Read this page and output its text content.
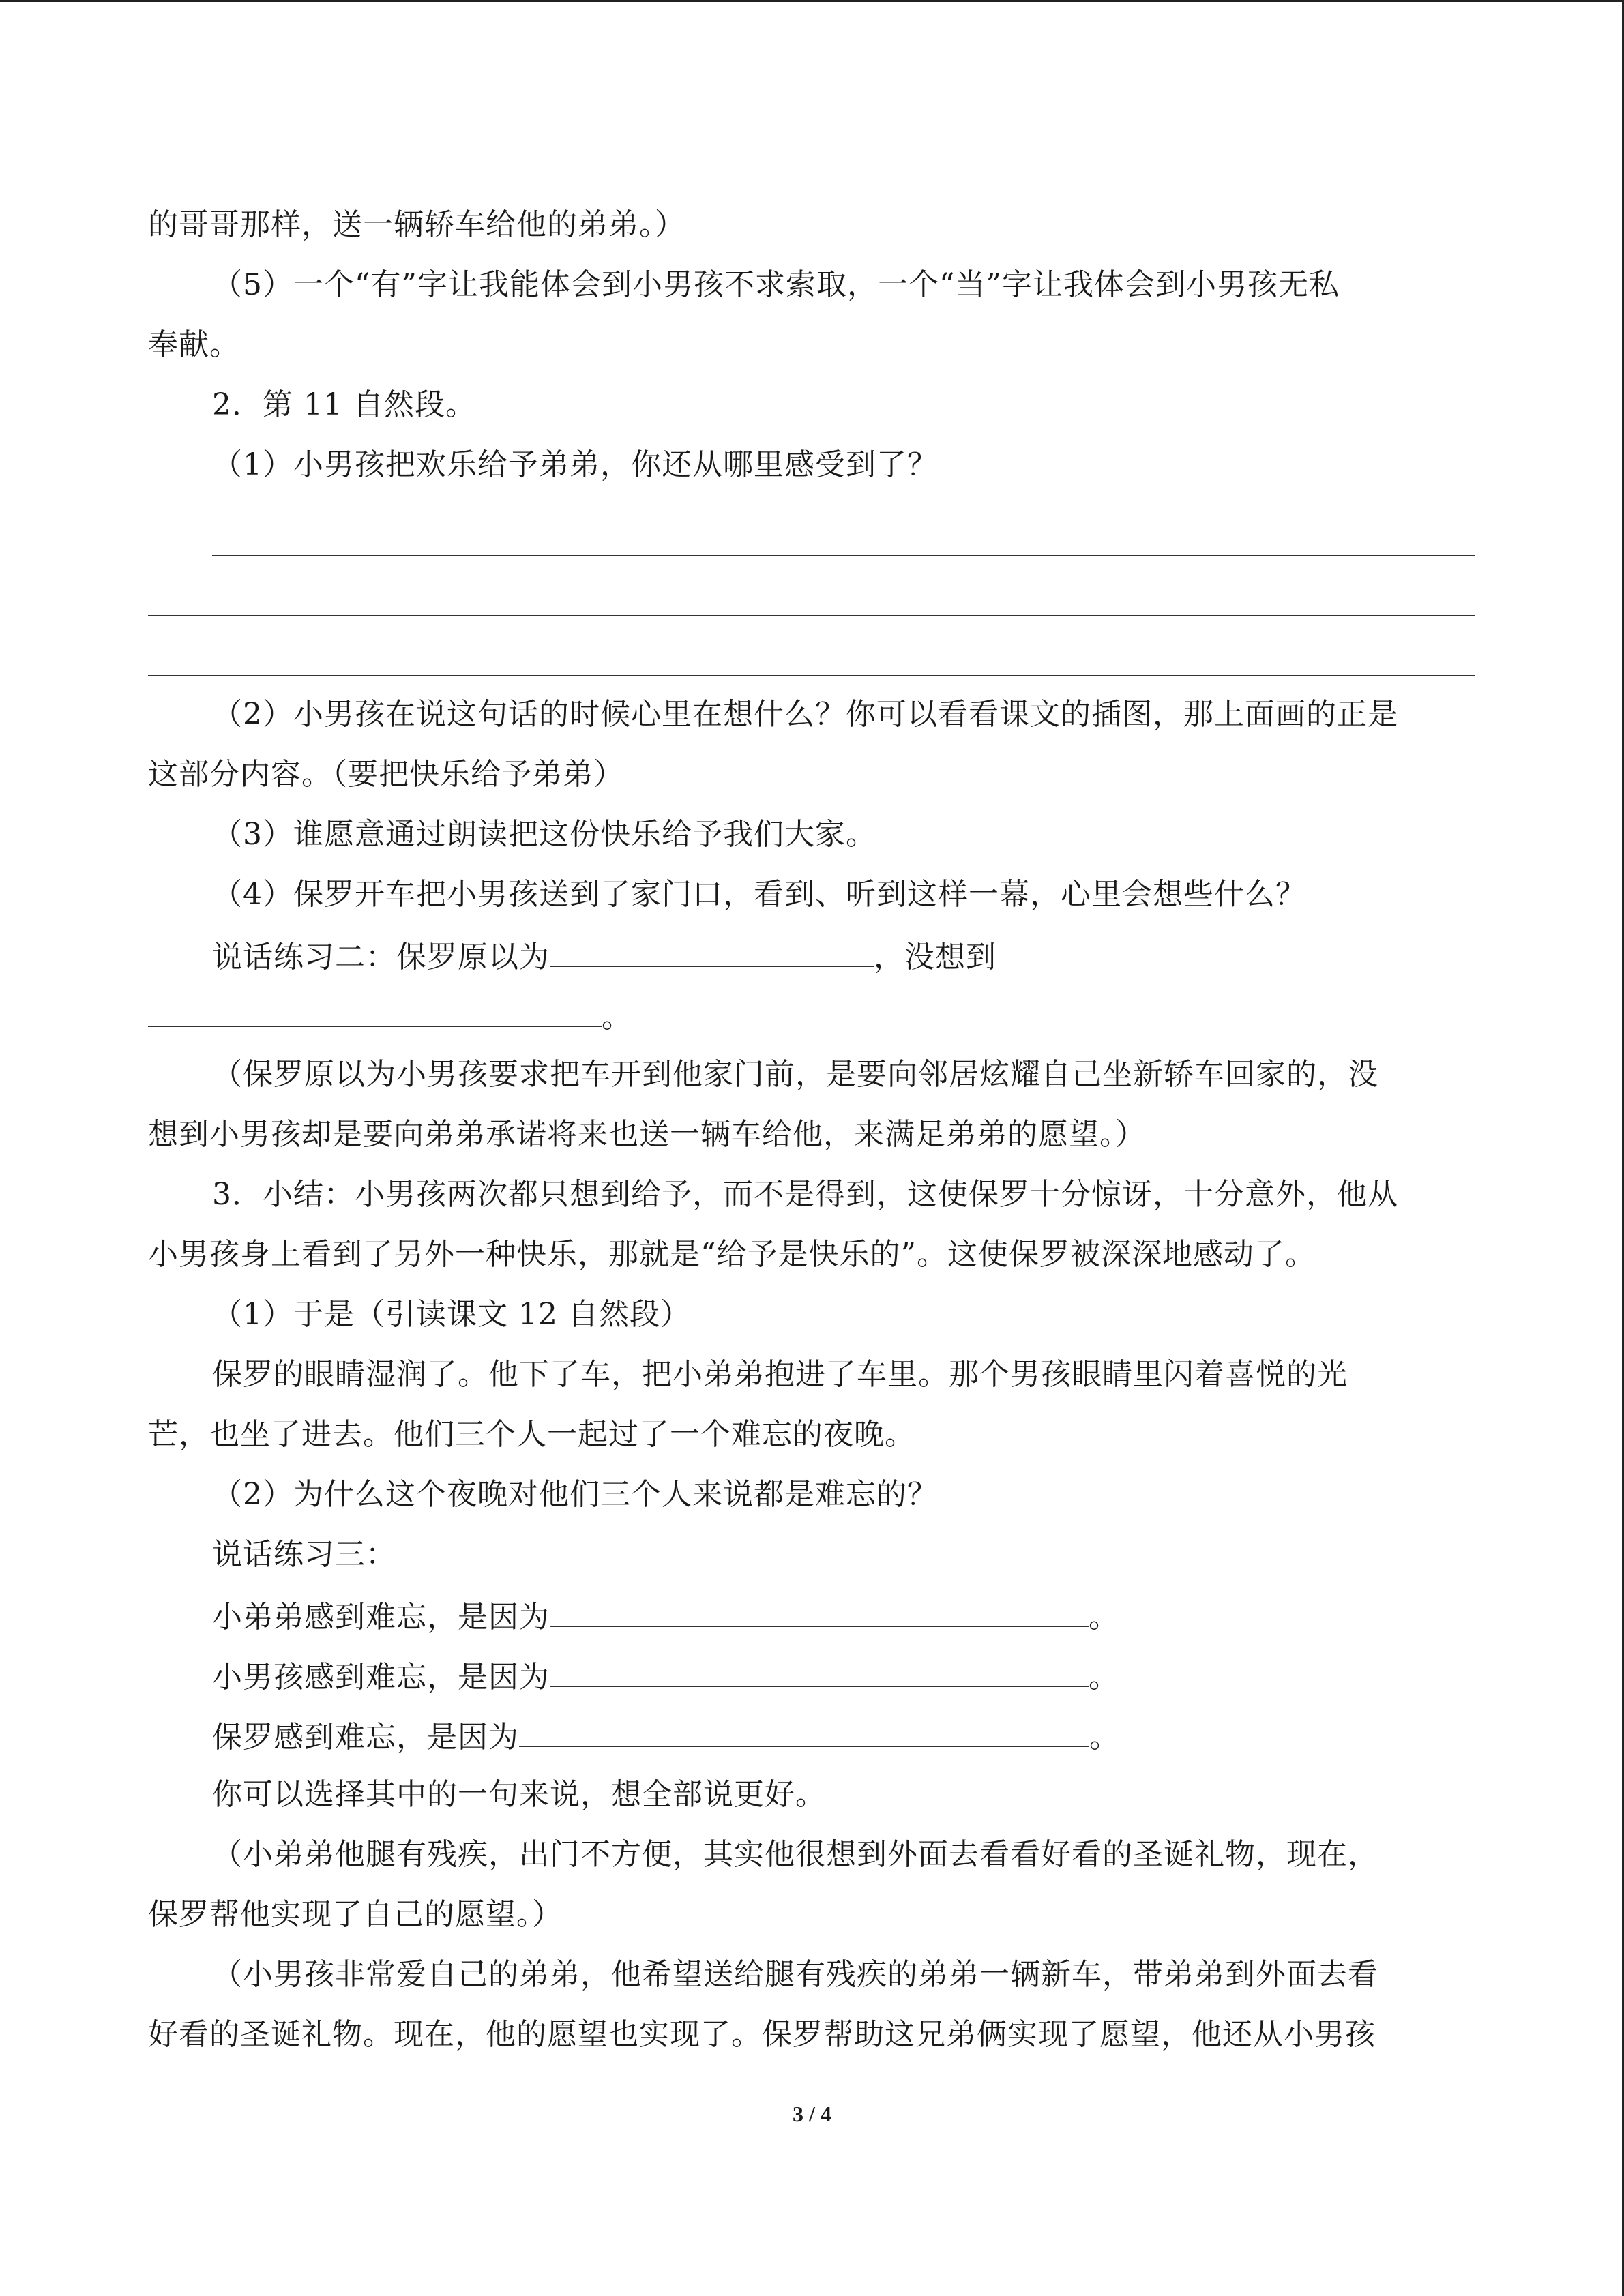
的哥哥那样，送一辆轿车给他的弟弟。）
（5）一个“有”字让我能体会到小男孩不求索取，一个“当”字让我体会到小男孩无私
奉献。
2．第 11 自然段。
（1）小男孩把欢乐给予弟弟，你还从哪里感受到了？
（2）小男孩在说这句话的时候心里在想什么？你可以看看课文的插图，那上面画的正是
这部分内容。（要把快乐给予弟弟）
（3）谁愿意通过朗读把这份快乐给予我们大家。
（4）保罗开车把小男孩送到了家门口，看到、听到这样一幕，心里会想些什么？
说话练习二：保罗原以为	，没想到
。
（保罗原以为小男孩要求把车开到他家门前，是要向邻居炫耀自己坐新轿车回家的，没
想到小男孩却是要向弟弟承诺将来也送一辆车给他，来满足弟弟的愿望。）
3．小结：小男孩两次都只想到给予，而不是得到，这使保罗十分惊讶，十分意外，他从
小男孩身上看到了另外一种快乐，那就是“给予是快乐的”。这使保罗被深深地感动了。
（1）于是（引读课文 12 自然段）
保罗的眼睛湿润了。他下了车，把小弟弟抱进了车里。那个男孩眼睛里闪着喜悦的光
芒，也坐了进去。他们三个人一起过了一个难忘的夜晚。
（2）为什么这个夜晚对他们三个人来说都是难忘的？
说话练习三：
小弟弟感到难忘，是因为	。
小男孩感到难忘，是因为	。
保罗感到难忘，是因为	。
你可以选择其中的一句来说，想全部说更好。
（小弟弟他腿有残疾，出门不方便，其实他很想到外面去看看好看的圣诞礼物，现在，
保罗帮他实现了自己的愿望。）
（小男孩非常爱自己的弟弟，他希望送给腿有残疾的弟弟一辆新车，带弟弟到外面去看
好看的圣诞礼物。现在，他的愿望也实现了。保罗帮助这兄弟俩实现了愿望，他还从小男孩
3 / 4
